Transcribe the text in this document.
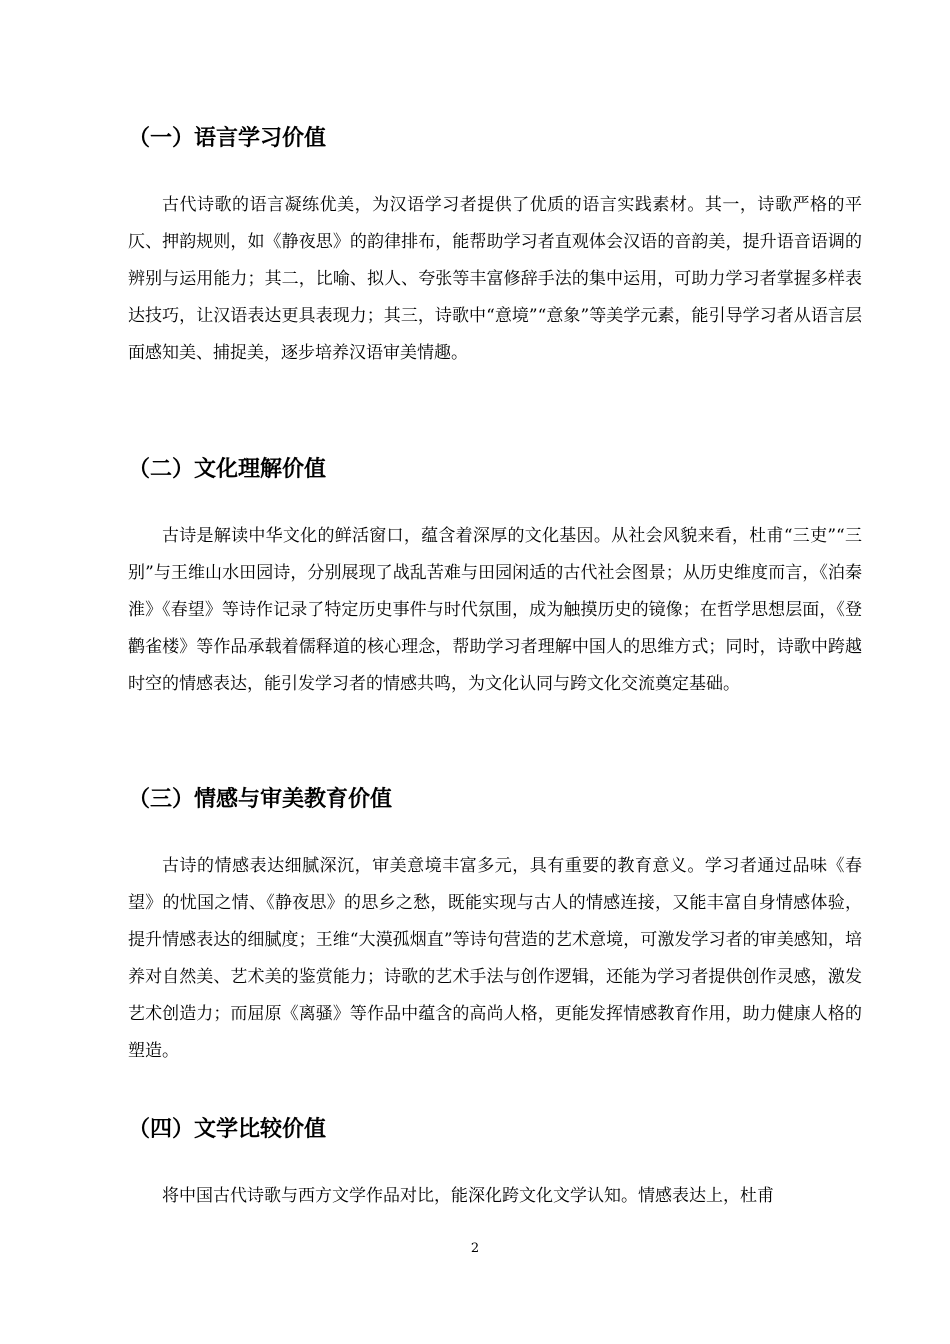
（一）语言学习价值

古代诗歌的语言凝练优美，为汉语学习者提供了优质的语言实践素材。其一，诗歌严格的平仄、押韵规则，如《静夜思》的韵律排布，能帮助学习者直观体会汉语的音韵美，提升语音语调的辨别与运用能力；其二，比喻、拟人、夸张等丰富修辞手法的集中运用，可助力学习者掌握多样表达技巧，让汉语表达更具表现力；其三，诗歌中“意境”“意象”等美学元素，能引导学习者从语言层面感知美、捕捉美，逐步培养汉语审美情趣。

（二）文化理解价值

古诗是解读中华文化的鲜活窗口，蕴含着深厚的文化基因。从社会风貌来看，杜甫“三吏”“三别”与王维山水田园诗，分别展现了战乱苦难与田园闲适的古代社会图景；从历史维度而言，《泊秦淮》《春望》等诗作记录了特定历史事件与时代氛围，成为触摸历史的镜像；在哲学思想层面，《登鹳雀楼》等作品承载着儒释道的核心理念，帮助学习者理解中国人的思维方式；同时，诗歌中跨越时空的情感表达，能引发学习者的情感共鸣，为文化认同与跨文化交流奠定基础。

（三）情感与审美教育价值

古诗的情感表达细腻深沉，审美意境丰富多元，具有重要的教育意义。学习者通过品味《春望》的忧国之情、《静夜思》的思乡之愁，既能实现与古人的情感连接，又能丰富自身情感体验，提升情感表达的细腻度；王维“大漠孤烟直”等诗句营造的艺术意境，可激发学习者的审美感知，培养对自然美、艺术美的鉴赏能力；诗歌的艺术手法与创作逻辑，还能为学习者提供创作灵感，激发艺术创造力；而屈原《离骚》等作品中蕴含的高尚人格，更能发挥情感教育作用，助力健康人格的塑造。

（四）文学比较价值

将中国古代诗歌与西方文学作品对比，能深化跨文化文学认知。情感表达上，杜甫

2
